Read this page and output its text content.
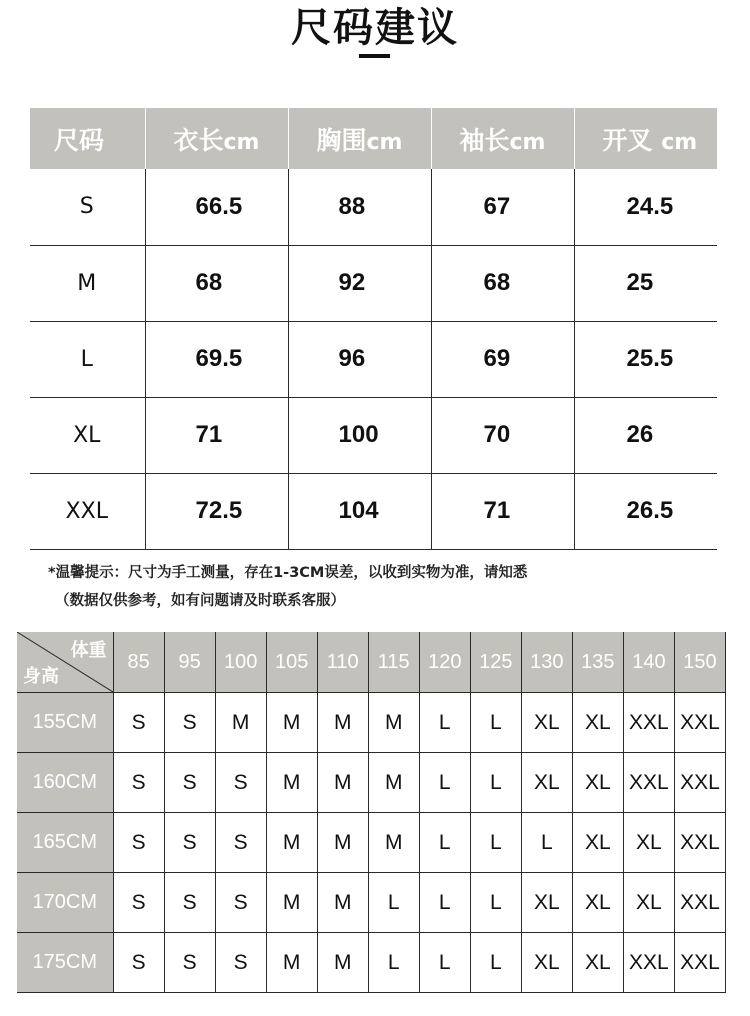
尺码建议
尺码	衣长cm	胸围cm	袖长cm	开叉 cm
S	66.5	88	67	24.5
M	68	92	68	25
L	69.5	96	69	25.5
XL	71	100	70	26
XXL	72.5	104	71	26.5
*温馨提示：尺寸为手工测量，存在1-3CM误差，以收到实物为准，请知悉
（数据仅供参考，如有问题请及时联系客服）
体重
身高	85	95	100	105	110	115	120	125	130	135	140	150
155CM	S	S	M	M	M	M	L	L	XL	XL	XXL	XXL
160CM	S	S	S	M	M	M	L	L	XL	XL	XXL	XXL
165CM	S	S	S	M	M	M	L	L	L	XL	XL	XXL
170CM	S	S	S	M	M	L	L	L	XL	XL	XL	XXL
175CM	S	S	S	M	M	L	L	L	XL	XL	XXL	XXL
